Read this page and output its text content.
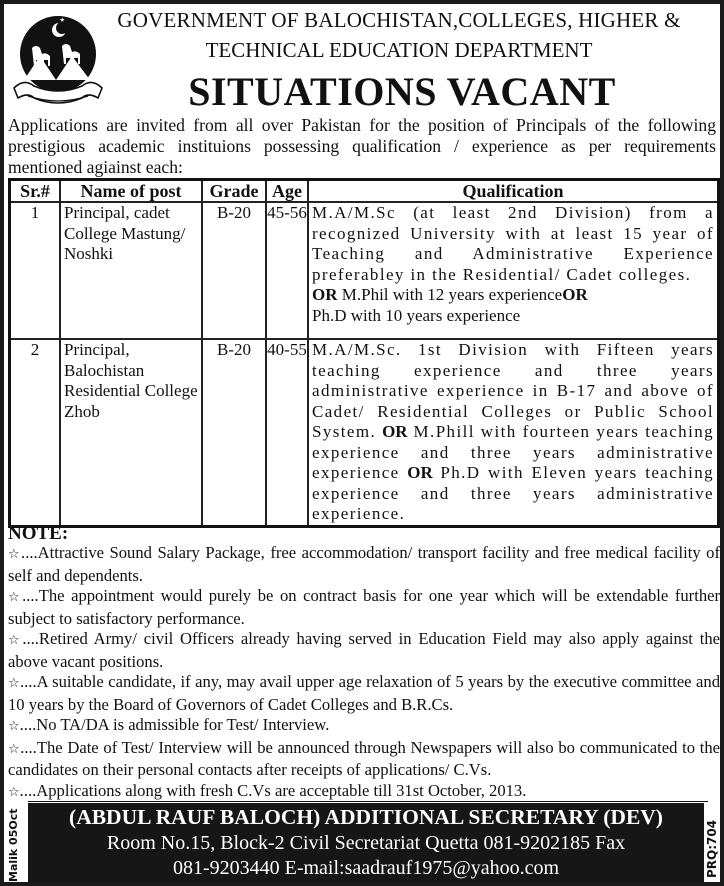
GOVERNMENT OF BALOCHISTAN,COLLEGES, HIGHER &
TECHNICAL EDUCATION DEPARTMENT
SITUATIONS VACANT
Applications are invited from all over Pakistan for the position of Principals of the following prestigious academic instituions possessing qualification / experience as per requirements mentioned agiainst each:
Sr.#	Name of post	Grade	Age	Qualification
1	Principal, cadet College Mastung/ Noshki	B-20	45-56	M.A/M.Sc (at least 2nd Division) from a recognized University with at least 15 year of Teaching and Administrative Experience preferabley in the Residential/ Cadet colleges.
OR M.Phil with 12 years experienceOR
Ph.D with 10 years experience
2	Principal, Balochistan Residential College Zhob	B-20	40-55	M.A/M.Sc. 1st Division with Fifteen years teaching experience and three years administrative experience in B-17 and above of Cadet/ Residential Colleges or Public School System. OR M.Phill with fourteen years teaching experience and three years administrative experience OR Ph.D with Eleven years teaching experience and three years administrative experience.
NOTE:
☆....Attractive Sound Salary Package, free accommodation/ transport facility and free medical facility of self and dependents.
☆....The appointment would purely be on contract basis for one year which will be extendable further subject to satisfactory performance.
☆....Retired Army/ civil Officers already having served in Education Field may also apply against the above vacant positions.
☆....A suitable candidate, if any, may avail upper age relaxation of 5 years by the executive committee and 10 years by the Board of Governors of Cadet Colleges and B.R.Cs.
☆....No TA/DA is admissible for Test/ Interview.
☆....The Date of Test/ Interview will be announced through Newspapers will also bo communicated to the candidates on their personal contacts after receipts of applications/ C.Vs.
☆....Applications along with fresh C.Vs are acceptable till 31st October, 2013.
(ABDUL RAUF BALOCH) ADDITIONAL SECRETARY (DEV)
Room No.15, Block-2 Civil Secretariat Quetta 081-9202185 Fax
081-9203440 E-mail:saadrauf1975@yahoo.com
Malik 05Oct	PRQ:704
